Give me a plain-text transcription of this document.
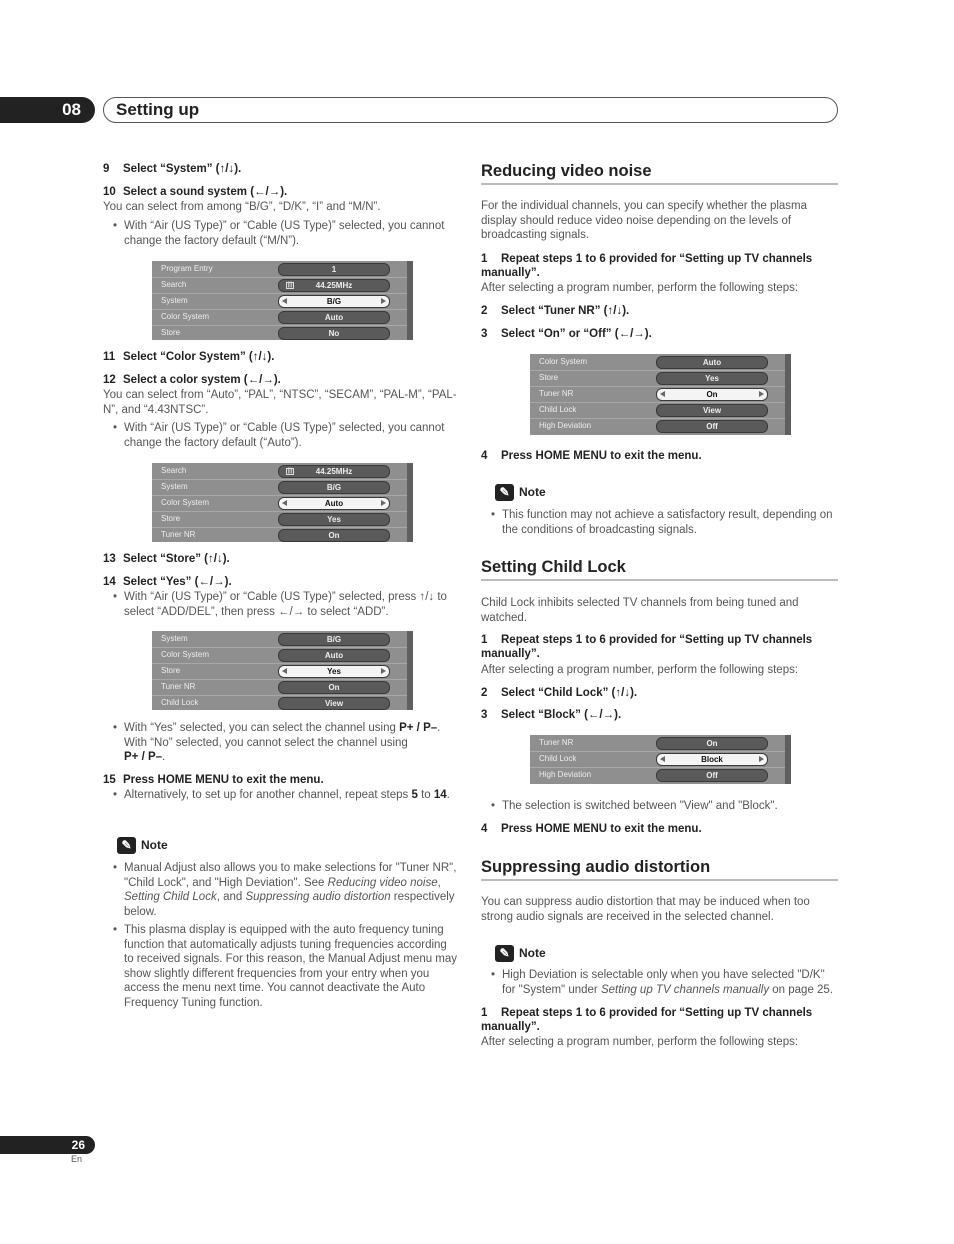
08	Setting up
9 Select “System” (↑/↓).
10 Select a sound system (←/→).
You can select from among “B/G”, “D/K”, “I” and “M/N”.
• With “Air (US Type)” or “Cable (US Type)” selected, you cannot change the factory default (“M/N”).
Program Entry	1
Search	44.25MHz
|||
System	B/G
Color System	Auto
Store	No
11 Select “Color System” (↑/↓).
12 Select a color system (←/→).
You can select from “Auto”, “PAL”, “NTSC”, “SECAM”, “PAL-M”, “PAL-N”, and “4.43NTSC”.
• With “Air (US Type)” or “Cable (US Type)” selected, you cannot change the factory default (“Auto”).
Search	44.25MHz
|||
System	B/G
Color System	Auto
Store	Yes
Tuner NR	On
13 Select “Store” (↑/↓).
14 Select “Yes” (←/→).
• With “Air (US Type)” or “Cable (US Type)” selected, press ↑/↓ to select “ADD/DEL”, then press ←/→ to select “ADD”.
System	B/G
Color System	Auto
Store	Yes
Tuner NR	On
Child Lock	View
• With “Yes” selected, you can select the channel using P+ / P–. With “No” selected, you cannot select the channel using
P+ / P–.
15 Press HOME MENU to exit the menu.
• Alternatively, to set up for another channel, repeat steps 5 to 14.
✎ Note
• Manual Adjust also allows you to make selections for "Tuner NR", "Child Lock", and "High Deviation". See Reducing video noise, Setting Child Lock, and Suppressing audio distortion respectively below.
• This plasma display is equipped with the auto frequency tuning function that automatically adjusts tuning frequencies according to received signals. For this reason, the Manual Adjust menu may show slightly different frequencies from your entry when you access the menu next time. You cannot deactivate the Auto Frequency Tuning function.
Reducing video noise
For the individual channels, you can specify whether the plasma display should reduce video noise depending on the levels of broadcasting signals.
1 Repeat steps 1 to 6 provided for “Setting up TV channels manually”.
After selecting a program number, perform the following steps:
2 Select “Tuner NR” (↑/↓).
3 Select “On” or “Off” (←/→).
Color System	Auto
Store	Yes
Tuner NR	On
Child Lock	View
High Deviation	Off
4 Press HOME MENU to exit the menu.
✎ Note
• This function may not achieve a satisfactory result, depending on the conditions of broadcasting signals.
Setting Child Lock
Child Lock inhibits selected TV channels from being tuned and watched.
1 Repeat steps 1 to 6 provided for “Setting up TV channels manually”.
After selecting a program number, perform the following steps:
2 Select “Child Lock” (↑/↓).
3 Select “Block” (←/→).
Tuner NR	On
Child Lock	Block
High Deviation	Off
• The selection is switched between "View" and "Block".
4 Press HOME MENU to exit the menu.
Suppressing audio distortion
You can suppress audio distortion that may be induced when too strong audio signals are received in the selected channel.
✎ Note
• High Deviation is selectable only when you have selected "D/K" for "System" under Setting up TV channels manually on page 25.
1 Repeat steps 1 to 6 provided for “Setting up TV channels manually”.
After selecting a program number, perform the following steps:
26
En
